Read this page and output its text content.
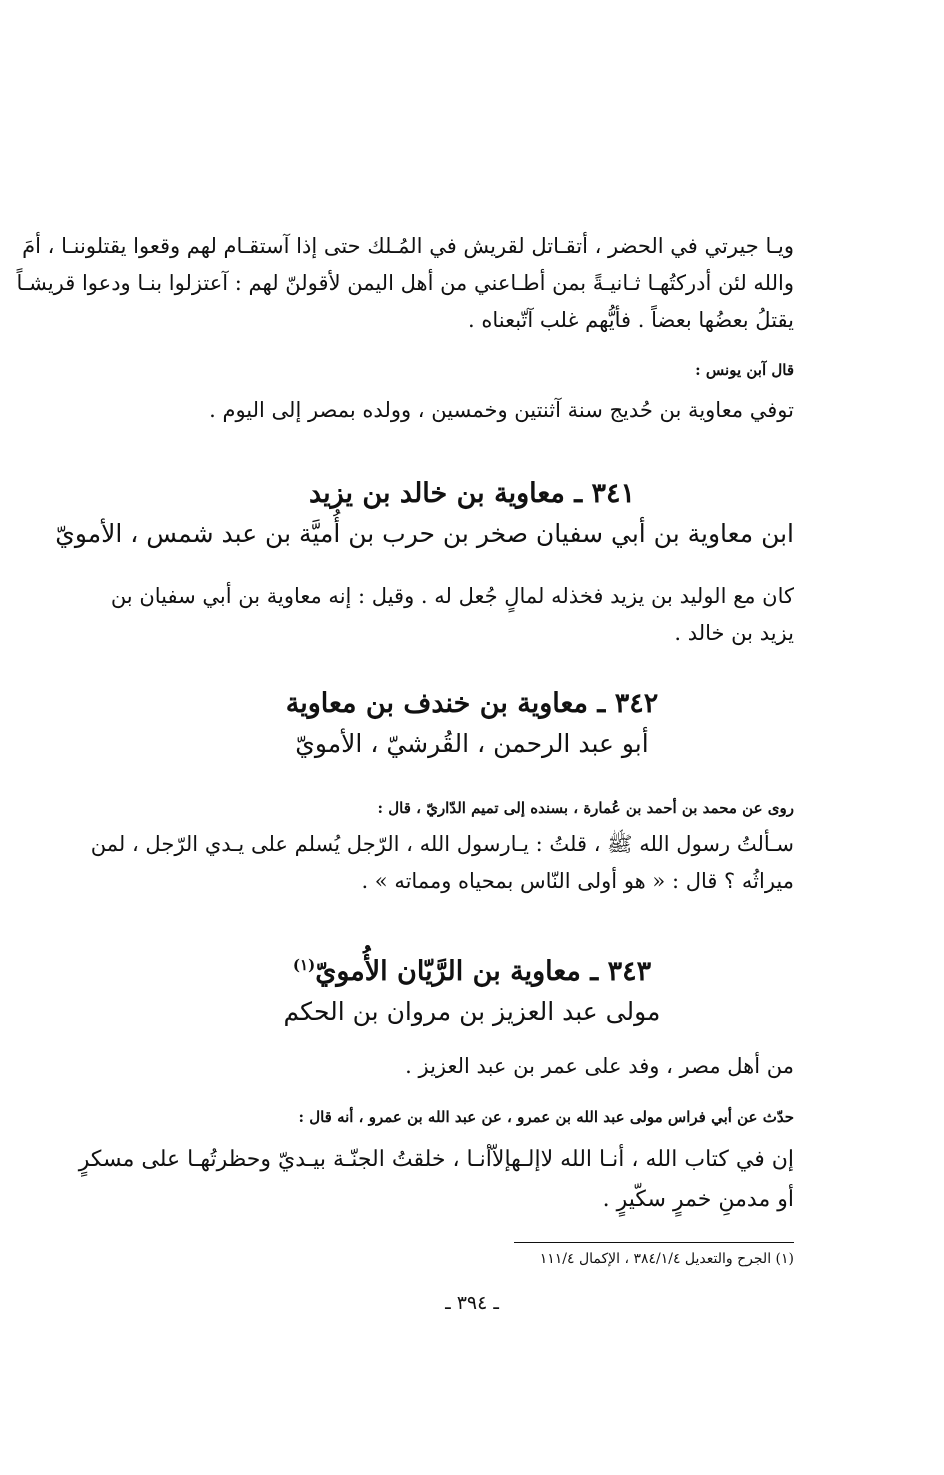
ويـا جيرتي في الحضر ، أتقـاتل لقريش في المُـلك حتى إذا آستقـام لهم وقعوا يقتلوننـا ، أمَ
والله لئن أدركتُهـا ثـانيـةً بمن أطـاعني من أهل اليمن لأقولنّ لهم : آعتزلوا بنـا ودعوا قريشـاً
يقتلُ بعضُها بعضاً . فأيُّهم غلب آتّبعناه .
قال آبن يونس :
توفي معاوية بن حُديج سنة آثنتين وخمسين ، وولده بمصر إلى اليوم .
٣٤١ ـ معاوية بن خالد بن يزيد
ابن معاوية بن أبي سفيان صخر بن حرب بن أُميَّة بن عبد شمس ، الأمويّ
كان مع الوليد بن يزيد فخذله لمالٍ جُعل له . وقيل : إنه معاوية بن أبي سفيان بن
يزيد بن خالد .
٣٤٢ ـ معاوية بن خندف بن معاوية
أبو عبد الرحمن ، القُرشيّ ، الأمويّ
روى عن محمد بن أحمد بن عُمارة ، بسنده إلى تميم الدّاريّ ، قال :
سـألتُ رسول الله ﷺ ، قلتُ : يـارسول الله ، الرّجل يُسلم على يـدي الرّجل ، لمن
ميراثُه ؟ قال : « هو أولى النّاس بمحياه ومماته » .
٣٤٣ ـ معاوية بن الرَّيّان الأُمويّ$^{(١)}$
مولى عبد العزيز بن مروان بن الحكم
من أهل مصر ، وفد على عمر بن عبد العزيز .
حدّث عن أبي فراس مولى عبد الله بن عمرو ، عن عبد الله بن عمرو ، أنه قال :
إن في كتاب الله ، أنـا الله لاإلـهإلاّأنـا ، خلقتُ الجنّـة بيـديّ وحظرتُهـا على مسكرٍ
أو مدمنِ خمرٍ سكّيرٍ .
(١) الجرح والتعديل ٣٨٤/١/٤ ، الإكمال ١١١/٤
ـ ٣٩٤ ـ
